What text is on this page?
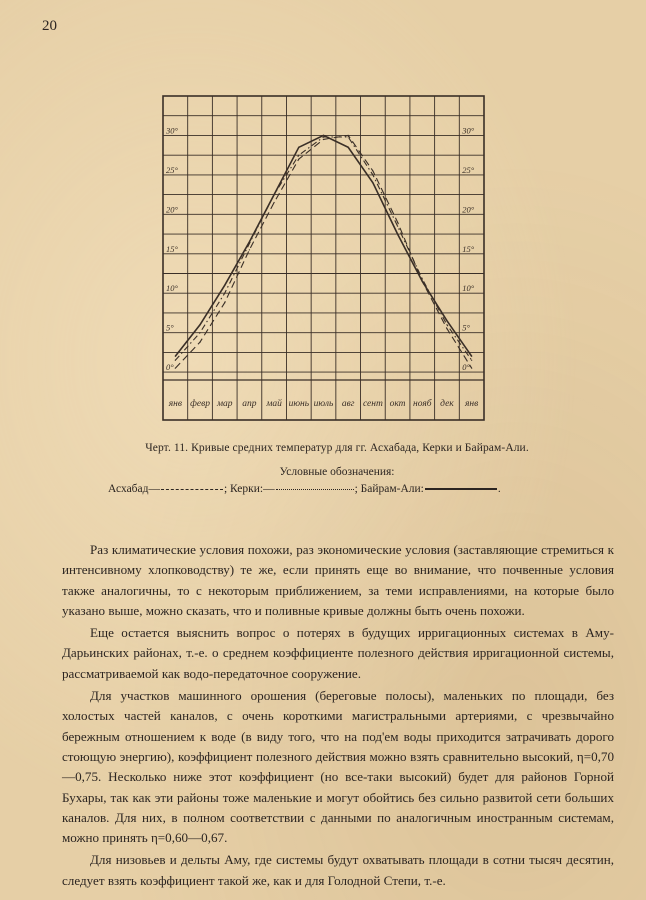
20
янв февр мар апр май июнь июль авг сент окт нояб дек янв
0°	0°
5°	5°
10°	10°
15°	15°
20°	20°
25°	25°
30°	30°
Черт. 11. Кривые средних температур для гг. Асхабада, Керки и Байрам-Али.
Условные обозначения:
Асхабад—	; Керки:—	; Байрам-Али:	.

Раз климатические условия похожи, раз экономические условия (заставляющие стремиться к интенсивному хлопководству) те же, если принять еще во внимание, что почвенные условия также аналогичны, то с некоторым приближением, за теми исправлениями, на которые было указано выше, можно сказать, что и поливные кривые должны быть очень похожи.

Еще остается выяснить вопрос о потерях в будущих ирригационных системах в Аму-Дарьинских районах, т.-е. о среднем коэффициенте полезного действия ирригационной системы, рассматриваемой как водо-передаточное сооружение.

Для участков машинного орошения (береговые полосы), маленьких по площади, без холостых частей каналов, с очень короткими магистральными артериями, с чрезвычайно бережным отношением к воде (в виду того, что на под'ем воды приходится затрачивать дорого стоющую энергию), коэффициент полезного действия можно взять сравнительно высокий, η=0,70—0,75. Несколько ниже этот коэффициент (но все-таки высокий) будет для районов Горной Бухары, так как эти районы тоже маленькие и могут обойтись без сильно развитой сети больших каналов. Для них, в полном соответствии с данными по аналогичным иностранным системам, можно принять η=0,60—0,67.

Для низовьев и дельты Аму, где системы будут охватывать площади в сотни тысяч десятин, следует взять коэффициент такой же, как и для Голодной Степи, т.-е.
